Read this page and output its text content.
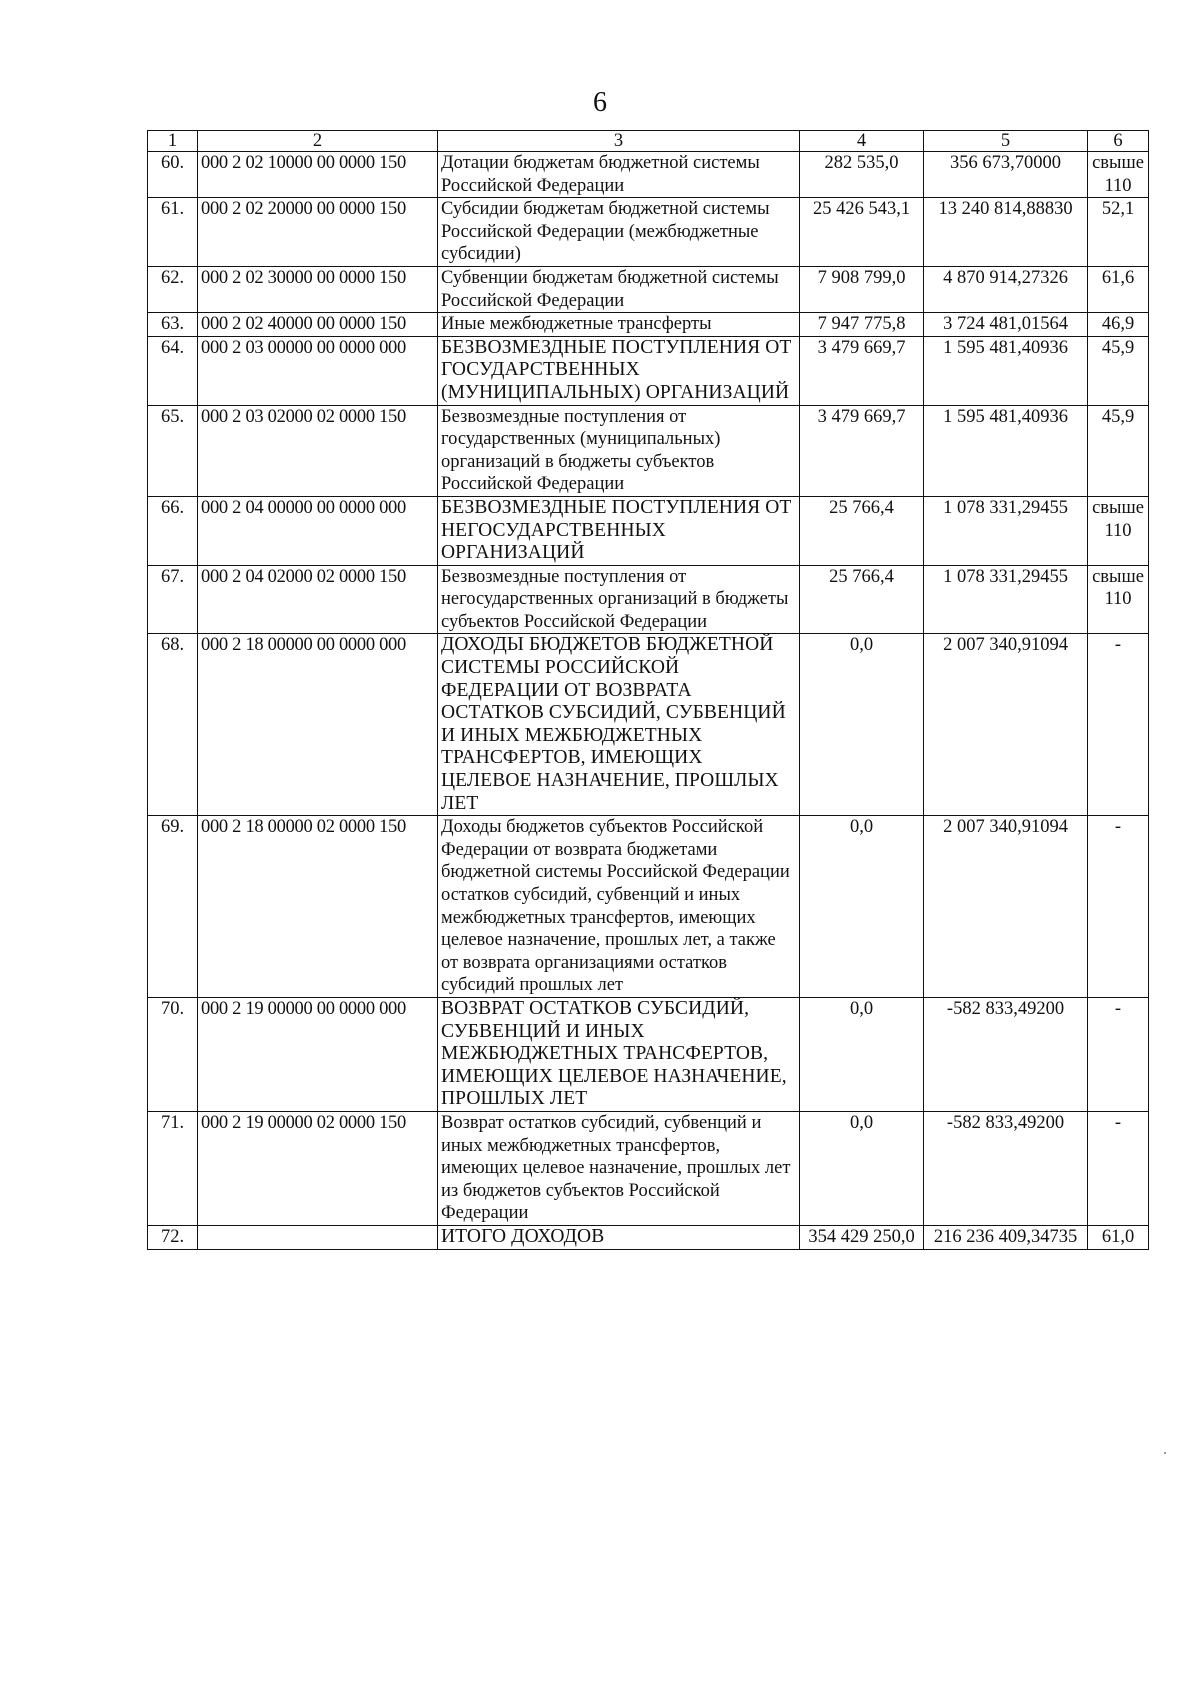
6
1	2	3	4	5	6
60.	000 2 02 10000 00 0000 150	Дотации бюджетам бюджетной системы Российской Федерации	282 535,0	356 673,70000	свыше 110
61.	000 2 02 20000 00 0000 150	Субсидии бюджетам бюджетной системы Российской Федерации (межбюджетные субсидии)	25 426 543,1	13 240 814,88830	52,1
62.	000 2 02 30000 00 0000 150	Субвенции бюджетам бюджетной системы Российской Федерации	7 908 799,0	4 870 914,27326	61,6
63.	000 2 02 40000 00 0000 150	Иные межбюджетные трансферты	7 947 775,8	3 724 481,01564	46,9
64.	000 2 03 00000 00 0000 000	БЕЗВОЗМЕЗДНЫЕ ПОСТУПЛЕНИЯ ОТ ГОСУДАРСТВЕННЫХ (МУНИЦИПАЛЬНЫХ) ОРГАНИЗАЦИЙ	3 479 669,7	1 595 481,40936	45,9
65.	000 2 03 02000 02 0000 150	Безвозмездные поступления от государственных (муниципальных) организаций в бюджеты субъектов Российской Федерации	3 479 669,7	1 595 481,40936	45,9
66.	000 2 04 00000 00 0000 000	БЕЗВОЗМЕЗДНЫЕ ПОСТУПЛЕНИЯ ОТ НЕГОСУДАРСТВЕННЫХ ОРГАНИЗАЦИЙ	25 766,4	1 078 331,29455	свыше 110
67.	000 2 04 02000 02 0000 150	Безвозмездные поступления от негосударственных организаций в бюджеты субъектов Российской Федерации	25 766,4	1 078 331,29455	свыше 110
68.	000 2 18 00000 00 0000 000	ДОХОДЫ БЮДЖЕТОВ БЮДЖЕТНОЙ СИСТЕМЫ РОССИЙСКОЙ ФЕДЕРАЦИИ ОТ ВОЗВРАТА ОСТАТКОВ СУБСИДИЙ, СУБВЕНЦИЙ И ИНЫХ МЕЖБЮДЖЕТНЫХ ТРАНСФЕРТОВ, ИМЕЮЩИХ ЦЕЛЕВОЕ НАЗНАЧЕНИЕ, ПРОШЛЫХ ЛЕТ	0,0	2 007 340,91094	-
69.	000 2 18 00000 02 0000 150	Доходы бюджетов субъектов Российской Федерации от возврата бюджетами бюджетной системы Российской Федерации остатков субсидий, субвенций и иных межбюджетных трансфертов, имеющих целевое назначение, прошлых лет, а также от возврата организациями остатков субсидий прошлых лет	0,0	2 007 340,91094	-
70.	000 2 19 00000 00 0000 000	ВОЗВРАТ ОСТАТКОВ СУБСИДИЙ, СУБВЕНЦИЙ И ИНЫХ МЕЖБЮДЖЕТНЫХ ТРАНСФЕРТОВ, ИМЕЮЩИХ ЦЕЛЕВОЕ НАЗНАЧЕНИЕ, ПРОШЛЫХ ЛЕТ	0,0	-582 833,49200	-
71.	000 2 19 00000 02 0000 150	Возврат остатков субсидий, субвенций и иных межбюджетных трансфертов, имеющих целевое назначение, прошлых лет из бюджетов субъектов Российской Федерации	0,0	-582 833,49200	-
72.		ИТОГО ДОХОДОВ	354 429 250,0	216 236 409,34735	61,0
